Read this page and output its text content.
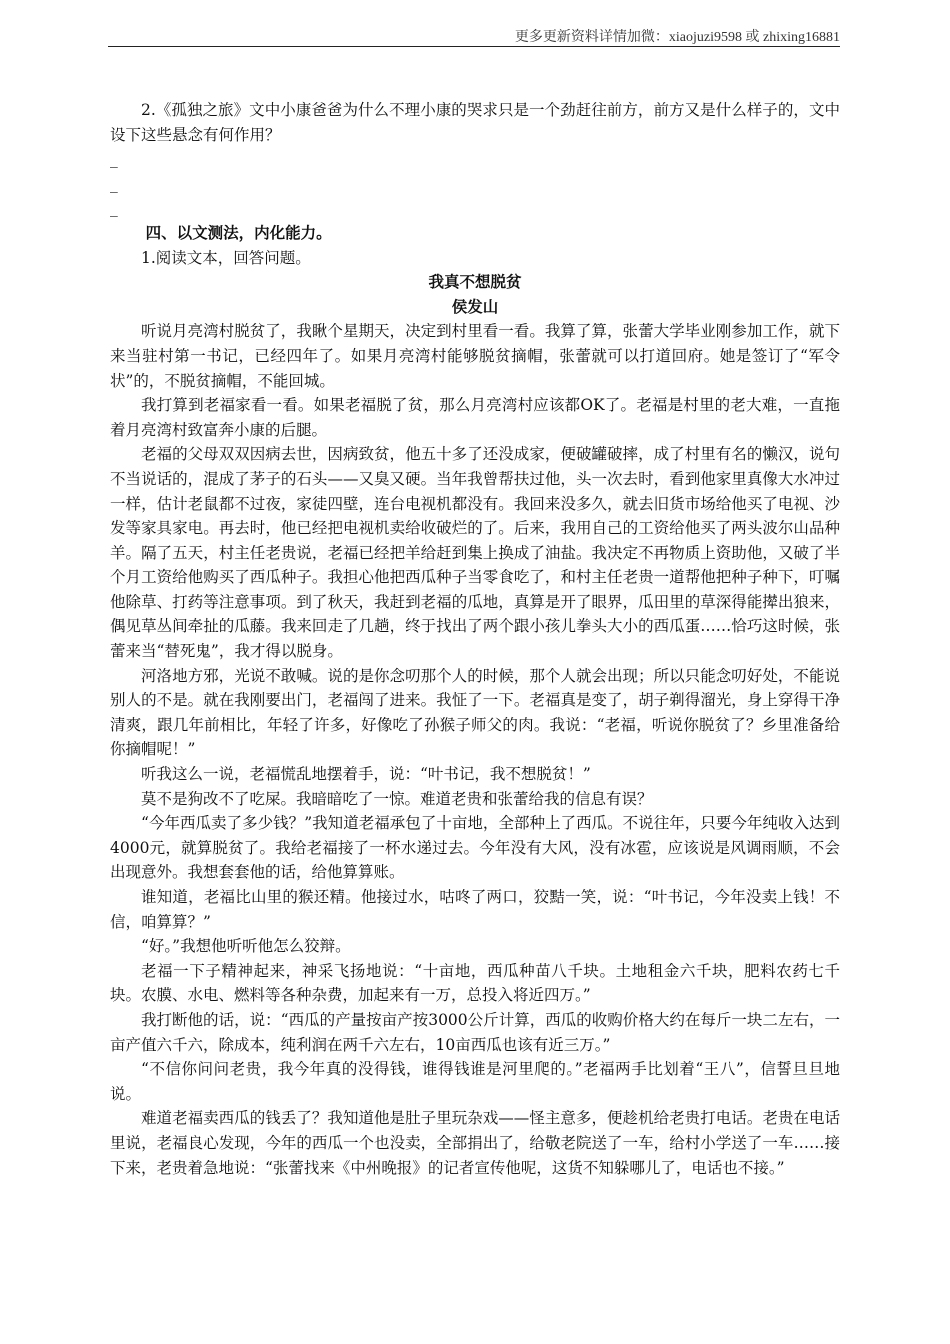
更多更新资料详情加微：xiaojuzi9598 或 zhixing16881

2.《孤独之旅》文中小康爸爸为什么不理小康的哭求只是一个劲赶往前方，前方又是什么样子的，文中设下这些悬念有何作用？

_

_

_

四、以文测法，内化能力。

1.阅读文本，回答问题。

我真不想脱贫

侯发山

听说月亮湾村脱贫了，我瞅个星期天，决定到村里看一看。我算了算，张蕾大学毕业刚参加工作，就下来当驻村第一书记，已经四年了。如果月亮湾村能够脱贫摘帽，张蕾就可以打道回府。她是签订了“军令状”的，不脱贫摘帽，不能回城。

我打算到老福家看一看。如果老福脱了贫，那么月亮湾村应该都OK了。老福是村里的老大难，一直拖着月亮湾村致富奔小康的后腿。

老福的父母双双因病去世，因病致贫，他五十多了还没成家，便破罐破摔，成了村里有名的懒汉，说句不当说话的，混成了茅子的石头——又臭又硬。当年我曾帮扶过他，头一次去时，看到他家里真像大水冲过一样，估计老鼠都不过夜，家徒四壁，连台电视机都没有。我回来没多久，就去旧货市场给他买了电视、沙发等家具家电。再去时，他已经把电视机卖给收破烂的了。后来，我用自己的工资给他买了两头波尔山品种羊。隔了五天，村主任老贵说，老福已经把羊给赶到集上换成了油盐。我决定不再物质上资助他，又破了半个月工资给他购买了西瓜种子。我担心他把西瓜种子当零食吃了，和村主任老贵一道帮他把种子种下，叮嘱他除草、打药等注意事项。到了秋天，我赶到老福的瓜地，真算是开了眼界，瓜田里的草深得能撵出狼来，偶见草丛间牵扯的瓜藤。我来回走了几趟，终于找出了两个跟小孩儿拳头大小的西瓜蛋……恰巧这时候，张蕾来当“替死鬼”，我才得以脱身。

河洛地方邪，光说不敢喊。说的是你念叨那个人的时候，那个人就会出现；所以只能念叨好处，不能说别人的不是。就在我刚要出门，老福闯了进来。我怔了一下。老福真是变了，胡子剃得溜光，身上穿得干净清爽，跟几年前相比，年轻了许多，好像吃了孙猴子师父的肉。我说：“老福，听说你脱贫了？乡里准备给你摘帽呢！”

听我这么一说，老福慌乱地摆着手，说：“叶书记，我不想脱贫！”

莫不是狗改不了吃屎。我暗暗吃了一惊。难道老贵和张蕾给我的信息有误？

“今年西瓜卖了多少钱？”我知道老福承包了十亩地，全部种上了西瓜。不说往年，只要今年纯收入达到4000元，就算脱贫了。我给老福接了一杯水递过去。今年没有大风，没有冰雹，应该说是风调雨顺，不会出现意外。我想套套他的话，给他算算账。

谁知道，老福比山里的猴还精。他接过水，咕咚了两口，狡黠一笑，说：“叶书记，今年没卖上钱！不信，咱算算？”

“好。”我想他听听他怎么狡辩。

老福一下子精神起来，神采飞扬地说：“十亩地，西瓜种苗八千块。土地租金六千块，肥料农药七千块。农膜、水电、燃料等各种杂费，加起来有一万，总投入将近四万。”

我打断他的话，说：“西瓜的产量按亩产按3000公斤计算，西瓜的收购价格大约在每斤一块二左右，一亩产值六千六，除成本，纯利润在两千六左右，10亩西瓜也该有近三万。”

“不信你问问老贵，我今年真的没得钱，谁得钱谁是河里爬的。”老福两手比划着“王八”，信誓旦旦地说。

难道老福卖西瓜的钱丢了？我知道他是肚子里玩杂戏——怪主意多，便趁机给老贵打电话。老贵在电话里说，老福良心发现，今年的西瓜一个也没卖，全部捐出了，给敬老院送了一车，给村小学送了一车……接下来，老贵着急地说：“张蕾找来《中州晚报》的记者宣传他呢，这货不知躲哪儿了，电话也不接。”
